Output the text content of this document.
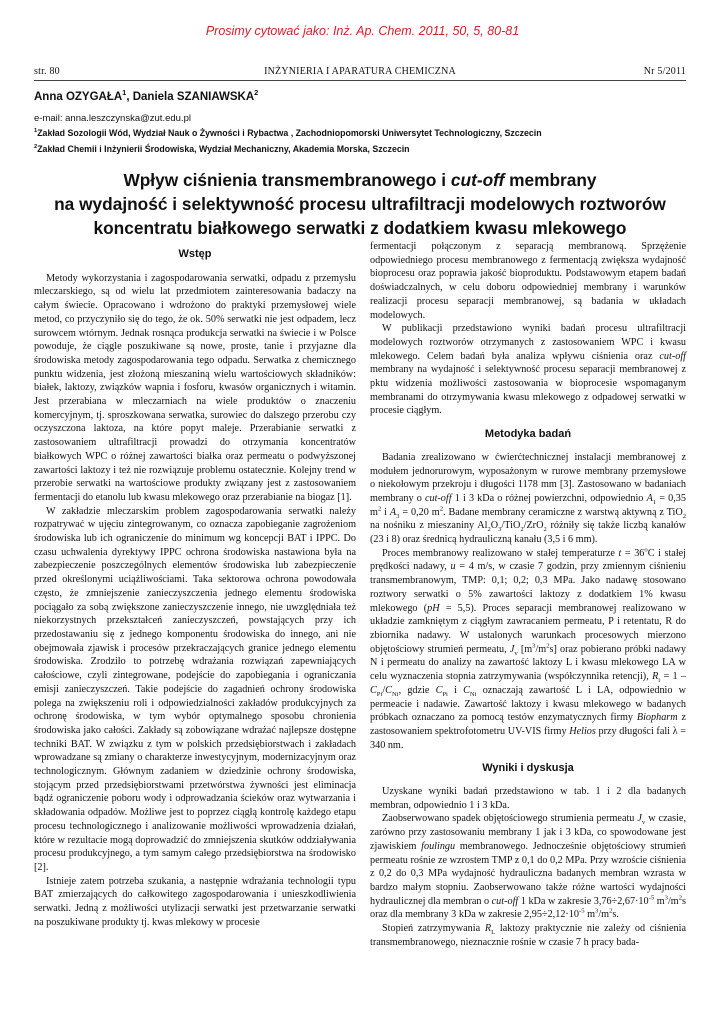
Prosimy cytować jako: Inż. Ap. Chem. 2011, 50, 5, 80-81
str. 80	INŻYNIERIA I APARATURA CHEMICZNA	Nr 5/2011
Anna OZYGAŁA$^1$, Daniela SZANIAWSKA$^2$
e-mail: anna.leszczynska@zut.edu.pl
$^1$Zakład Sozologii Wód, Wydział Nauk o Żywności i Rybactwa , Zachodniopomorski Uniwersytet Technologiczny, Szczecin
$^2$Zakład Chemii i Inżynierii Środowiska, Wydział Mechaniczny, Akademia Morska, Szczecin
Wpływ ciśnienia transmembranowego i cut-off membrany
na wydajność i selektywność procesu ultrafiltracji modelowych roztworów
koncentratu białkowego serwatki z dodatkiem kwasu mlekowego
Wstęp

Metody wykorzystania i zagospodarowania serwatki, odpadu z przemysłu mleczarskiego, są od wielu lat przedmiotem zainteresowania badaczy na całym świecie. Opracowano i wdrożono do praktyki przemysłowej wiele metod, co przyczyniło się do tego, że ok. 50% serwatki nie jest odpadem, lecz surowcem wtórnym. Jednak rosnąca produkcja serwatki na świecie i w Polsce powoduje, że ciągle poszukiwane są nowe, proste, tanie i przyjazne dla środowiska metody zagospodarowania tego odpadu. Serwatka z chemicznego punktu widzenia, jest złożoną mieszaniną wielu wartościowych składników: białek, laktozy, związków wapnia i fosforu, kwasów organicznych i witamin. Jest przerabiana w mleczarniach na wiele produktów o znaczeniu komercyjnym, tj. sproszkowana serwatka, surowiec do dalszego przerobu czy oczyszczona laktoza, na które popyt maleje. Przerabianie serwatki z zastosowaniem ultrafiltracji prowadzi do otrzymania koncentratów białkowych WPC o różnej zawartości białka oraz permeatu o podwyższonej zawartości laktozy i też nie rozwiązuje problemu ostatecznie. Kolejny trend w przerobie serwatki na wartościowe produkty związany jest z zastosowaniem fermentacji do etanolu lub kwasu mlekowego oraz przerabianie na biogaz [1].

W zakładzie mleczarskim problem zagospodarowania serwatki należy rozpatrywać w ujęciu zintegrowanym, co oznacza zapobieganie zagrożeniom środowiska lub ich ograniczenie do minimum wg koncepcji BAT i IPPC. Do czasu uchwalenia dyrektywy IPPC ochrona środowiska nastawiona była na zabezpieczenie poszczególnych elementów środowiska lub zabezpieczenie przed określonymi uciążliwościami. Taka sektorowa ochrona powodowała często, że zmniejszenie zanieczyszczenia jednego elementu środowiska pociągało za sobą zwiększone zanieczyszczenie innego, nie uwzględniała też niekorzystnych przekształceń zanieczyszczeń, powstających przy ich przedostawaniu się z jednego komponentu środowiska do innego, ani nie obejmowała zjawisk i procesów przekraczających granice jednego elementu środowiska. Zrodziło to potrzebę wdrażania rozwiązań zapewniających całościowe, czyli zintegrowane, podejście do zapobiegania i ograniczania emisji zanieczyszczeń. Takie podejście do zagadnień ochrony środowiska polega na zwiększeniu roli i odpowiedzialności zakładów produkcyjnych za ochronę środowiska, w tym wybór optymalnego sposobu chronienia środowiska jako całości. Zakłady są zobowiązane wdrażać najlepsze dostępne techniki BAT. W związku z tym w polskich przedsiębiorstwach i zakładach wprowadzane są zmiany o charakterze inwestycyjnym, modernizacyjnym oraz technologicznym. Głównym zadaniem w dziedzinie ochrony środowiska, stojącym przed przedsiębiorstwami przetwórstwa żywności jest eliminacja bądź ograniczenie poboru wody i odprowadzania ścieków oraz wytwarzania i składowania odpadów. Możliwe jest to poprzez ciągłą kontrolę każdego etapu procesu technologicznego i analizowanie możliwości wprowadzenia działań, które w rezultacie mogą doprowadzić do zmniejszenia skutków oddziaływania procesu produkcyjnego, a tym samym całego przedsiębiorstwa na środowisko [2].

Istnieje zatem potrzeba szukania, a następnie wdrażania technologii typu BAT zmierzających do całkowitego zagospodarowania i unieszkodliwienia serwatki. Jedną z możliwości utylizacji serwatki jest przetwarzanie serwatki na poszukiwane produkty tj. kwas mlekowy w procesie

fermentacji połączonym z separacją membranową. Sprzężenie odpowiedniego procesu membranowego z fermentacją zwiększa wydajność bioprocesu oraz poprawia jakość bioproduktu. Podstawowym etapem badań doświadczalnych, w celu doboru odpowiedniej membrany i warunków realizacji procesu separacji membranowej, są badania w układach modelowych.

W publikacji przedstawiono wyniki badań procesu ultrafiltracji modelowych roztworów otrzymanych z zastosowaniem WPC i kwasu mlekowego. Celem badań była analiza wpływu ciśnienia oraz cut-off membrany na wydajność i selektywność procesu separacji membranowej z pktu widzenia możliwości zastosowania w bioprocesie wspomaganym membranami do otrzymywania kwasu mlekowego z odpadowej serwatki w procesie ciągłym.

Metodyka badań

Badania zrealizowano w ćwierćtechnicznej instalacji membranowej z modułem jednorurowym, wyposażonym w rurowe membrany przemysłowe o niekołowym przekroju i długości 1178 mm [3]. Zastosowano w badaniach membrany o cut-off 1 i 3 kDa o różnej powierzchni, odpowiednio $A_1 = 0,35$ $m^2$ i $A_3 = 0,20$ $m^2$. Badane membrany ceramiczne z warstwą aktywną z TiO$_2$ na nośniku z mieszaniny $Al_2O_3/TiO_2/ZrO_2$ różniły się także liczbą kanałów (23 i 8) oraz średnicą hydrauliczną kanału (3,5 i 6 mm).

Proces membranowy realizowano w stałej temperaturze $t = 36^oC$ i stałej prędkości nadawy, u = 4 m/s, w czasie 7 godzin, przy zmiennym ciśnieniu transmembranowym, TMP: 0,1; 0,2; 0,3 MPa. Jako nadawę stosowano roztwory serwatki o 5% zawartości laktozy z dodatkiem 1% kwasu mlekowego (pH = 5,5). Proces separacji membranowej realizowano w układzie zamkniętym z ciągłym zawracaniem permeatu, P i retentatu, R do zbiornika nadawy. W ustalonych warunkach procesowych mierzono objętościowy strumień permeatu, $J_v$ $[m^3/m^2s]$ oraz pobierano próbki nadawy N i permeatu do analizy na zawartość laktozy L i kwasu mlekowego LA w celu wyznaczenia stopnia zatrzymywania (współczynnika retencji), $R_i = 1 - C_{Pi}/C_{Ni}$, gdzie $C_{Pi}$ i $C_{Ni}$ oznaczają zawartość L i LA, odpowiednio w permeacie i nadawie. Zawartość laktozy i kwasu mlekowego w badanych próbkach oznaczano za pomocą testów enzymatycznych firmy Biopharm z zastosowaniem spektrofotometru UV-VIS firmy Helios przy długości fali λ = 340 nm.

Wyniki i dyskusja

Uzyskane wyniki badań przedstawiono w tab. 1 i 2 dla badanych membran, odpowiednio 1 i 3 kDa.

Zaobserwowano spadek objętościowego strumienia permeatu $J_v$ w czasie, zarówno przy zastosowaniu membrany 1 jak i 3 kDa, co spowodowane jest zjawiskiem foulingu membranowego. Jednocześnie objętościowy strumień permeatu rośnie ze wzrostem TMP z 0,1 do 0,2 MPa. Przy wzroście ciśnienia z 0,2 do 0,3 MPa wydajność hydrauliczna badanych membran wzrasta w bardzo małym stopniu. Zaobserwowano także różne wartości wydajności hydraulicznej dla membran o cut-off 1 kDa w zakresie $3,76\div 2,67\cdot 10^{-5}$ $m^3/m^2s$ oraz dla membrany 3 kDa w zakresie $2,95\div 2,12\cdot 10^{-5}$ $m^3/m^2s$.

Stopień zatrzymywania $R_L$ laktozy praktycznie nie zależy od ciśnienia transmembranowego, nieznacznie rośnie w czasie 7 h pracy bada-
